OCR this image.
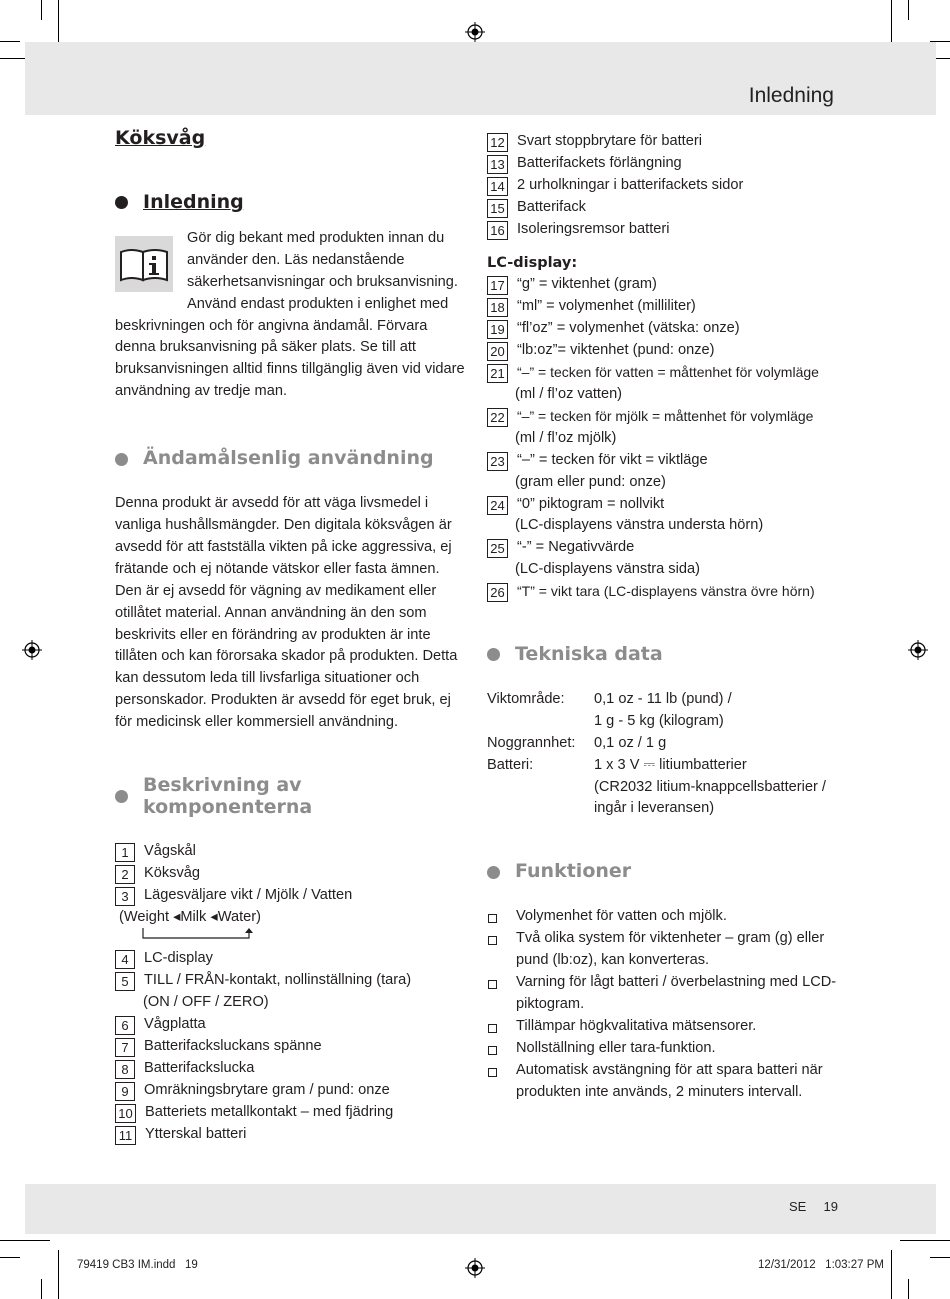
Inledning
Köksvåg
Inledning

Gör dig bekant med produkten innan du använder den. Läs nedanstående säkerhetsanvisningar och bruksanvisning. Använd endast produkten i enlighet med beskrivningen och för angivna ändamål. Förvara denna bruksanvisning på säker plats. Se till att bruksanvisningen alltid finns tillgänglig även vid vidare användning av tredje man.

Ändamålsenlig användning

Denna produkt är avsedd för att väga livsmedel i vanliga hushållsmängder. Den digitala köksvågen är avsedd för att fastställa vikten på icke aggressiva, ej frätande och ej nötande vätskor eller fasta ämnen. Den är ej avsedd för vägning av medikament eller otillåtet material. Annan användning än den som beskrivits eller en förändring av produkten är inte tillåten och kan förorsaka skador på produkten. Detta kan dessutom leda till livsfarliga situationer och personskador. Produkten är avsedd för eget bruk, ej för medicinsk eller kommersiell användning.

Beskrivning av komponenterna
1	Vågskål
2	Köksvåg
3	Lägesväljare vikt / Mjölk / Vatten
(Weight ◂Milk ◂Water)
4	LC-display
5	TILL / FRÅN-kontakt, nollinställning (tara)
(ON / OFF / ZERO)
6	Vågplatta
7	Batterifacksluckans spänne
8	Batterifackslucka
9	Omräkningsbrytare gram / pund: onze
10 Batteriets metallkontakt – med fjädring
11 Ytterskal batteri
12 Svart stoppbrytare för batteri
13 Batterifackets förlängning
14 2 urholkningar i batterifackets sidor
15 Batterifack
16 Isoleringsremsor batteri
LC-display:
17 “g” = viktenhet (gram)
18 “ml” = volymenhet (milliliter)
19 “fl’oz” = volymenhet (vätska: onze)
20 “lb:oz”= viktenhet (pund: onze)
21 “–” = tecken för vatten = måttenhet för volymläge
(ml / fl’oz vatten)
22 “–” = tecken för mjölk = måttenhet för volymläge
(ml / fl’oz mjölk)
23 “–” = tecken för vikt = viktläge
(gram eller pund: onze)
24 “0” piktogram = nollvikt
(LC-displayens vänstra understa hörn)
25 “-” = Negativvärde
(LC-displayens vänstra sida)
26 “T” = vikt tara (LC-displayens vänstra övre hörn)
Tekniska data
Viktområde:	0,1 oz - 11 lb (pund) /
1 g - 5 kg (kilogram)
Noggrannhet:	0,1 oz / 1 g
Batteri:	1 x 3 V ⎓ litiumbatterier
(CR2032 litium-knappcellsbatterier /
ingår i leveransen)
Funktioner
Volymenhet för vatten och mjölk.
Två olika system för viktenheter – gram (g) eller pund (lb:oz), kan konverteras.
Varning för lågt batteri / överbelastning med LCD-piktogram.
Tillämpar högkvalitativa mätsensorer.
Nollställning eller tara-funktion.
Automatisk avstängning för att spara batteri när produkten inte används, 2 minuters intervall.
SE 19
79419 CB3 IM.indd   19	12/31/2012   1:03:27 PM
